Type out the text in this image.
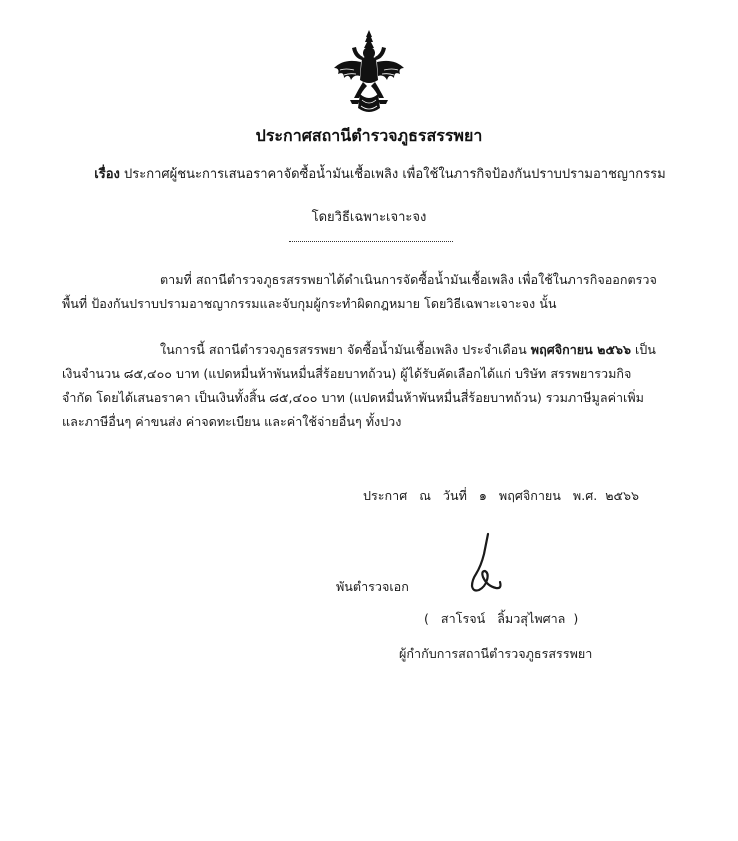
ประกาศสถานีตำรวจภูธรสรรพยา
เรื่อง ประกาศผู้ชนะการเสนอราคาจัดซื้อน้ำมันเชื้อเพลิง เพื่อใช้ในภารกิจป้องกันปราบปรามอาชญากรรม
โดยวิธีเฉพาะเจาะจง
ตามที่ สถานีตำรวจภูธรสรรพยาได้ดำเนินการจัดซื้อน้ำมันเชื้อเพลิง เพื่อใช้ในภารกิจออกตรวจ
พื้นที่ ป้องกันปราบปรามอาชญากรรมและจับกุมผู้กระทำผิดกฎหมาย โดยวิธีเฉพาะเจาะจง นั้น
ในการนี้ สถานีตำรวจภูธรสรรพยา จัดซื้อน้ำมันเชื้อเพลิง ประจำเดือน พฤศจิกายน ๒๕๖๖ เป็น
เงินจำนวน ๘๕,๔๐๐ บาท (แปดหมื่นห้าพันหมื่นสี่ร้อยบาทถ้วน) ผู้ได้รับคัดเลือกได้แก่ บริษัท สรรพยารวมกิจ
จำกัด โดยได้เสนอราคา เป็นเงินทั้งสิ้น ๘๕,๔๐๐ บาท (แปดหมื่นห้าพันหมื่นสี่ร้อยบาทถ้วน) รวมภาษีมูลค่าเพิ่ม
และภาษีอื่นๆ ค่าขนส่ง ค่าจดทะเบียน และค่าใช้จ่ายอื่นๆ ทั้งปวง
ประกาศ   ณ   วันที่   ๑   พฤศจิกายน   พ.ศ.  ๒๕๖๖
พันตำรวจเอก
(   สาโรจน์   ลิ้มวสุไพศาล  )
ผู้กำกับการสถานีตำรวจภูธรสรรพยา
